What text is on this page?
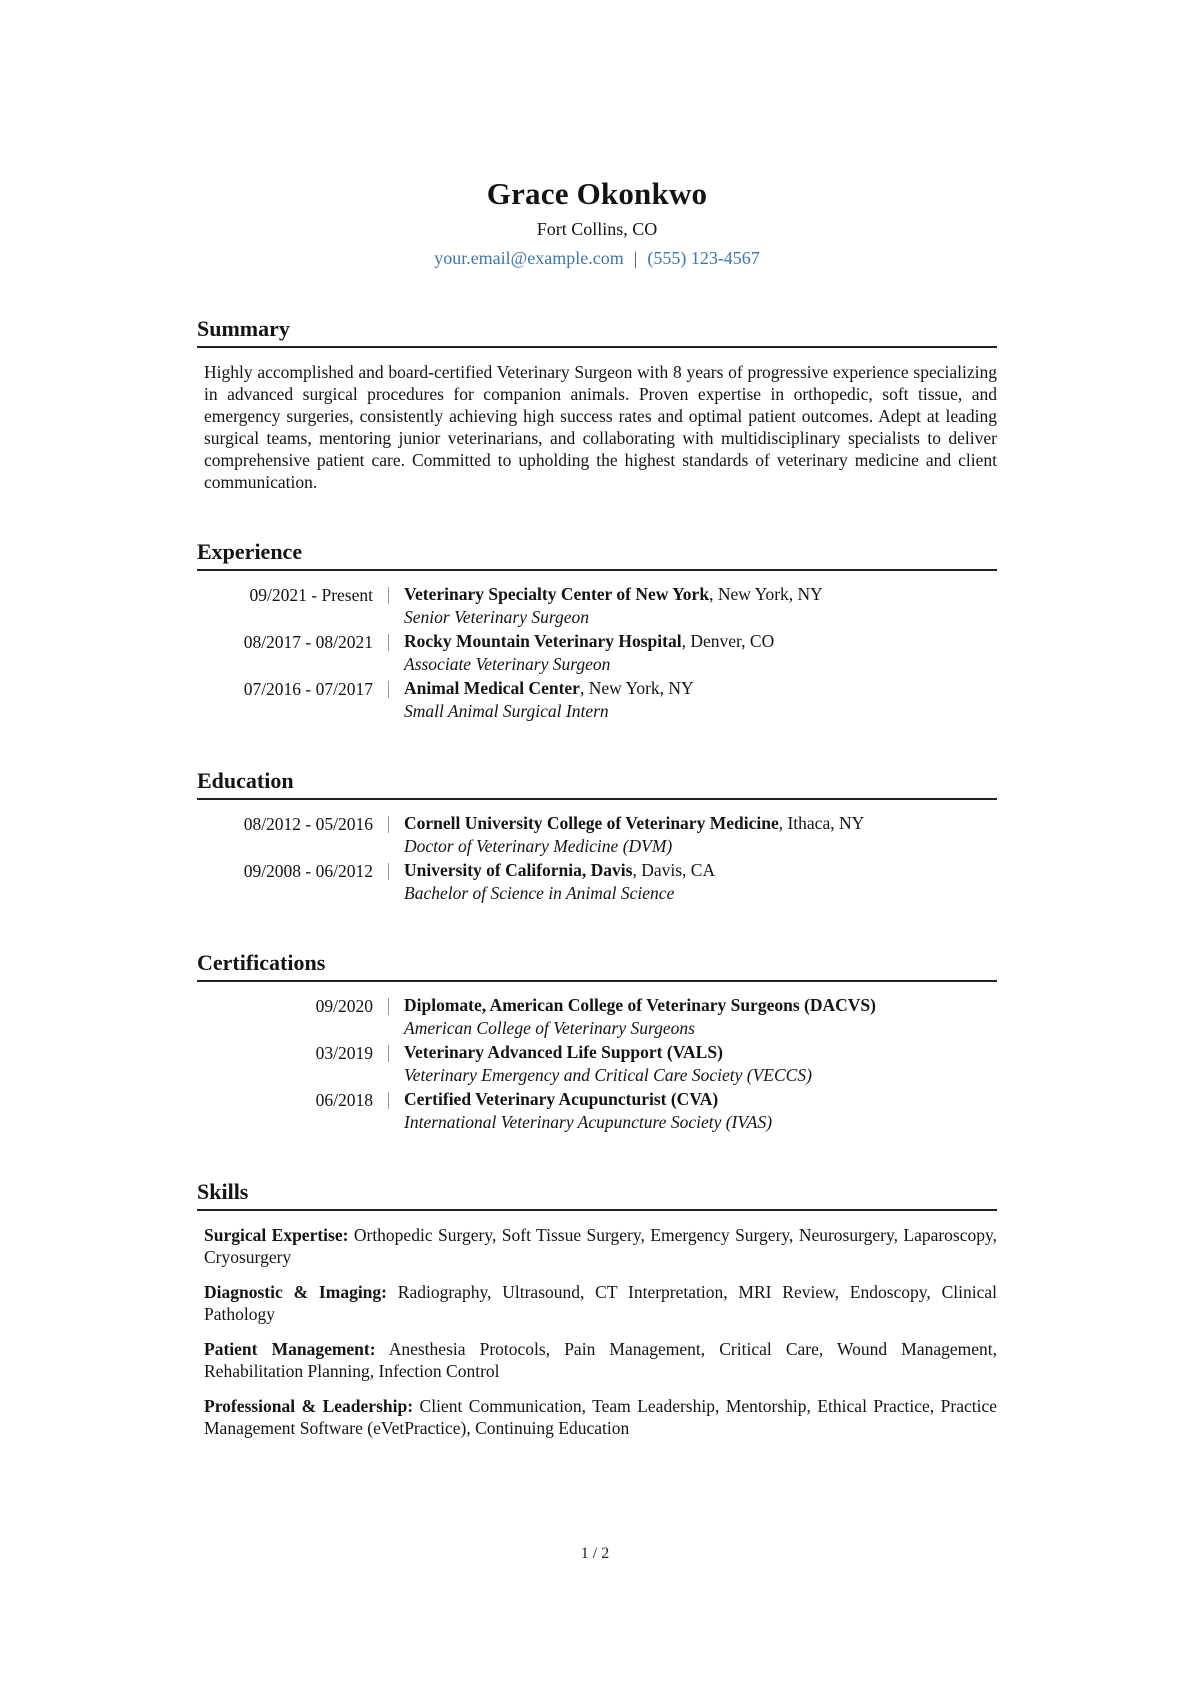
Grace Okonkwo
Fort Collins, CO
your.email@example.com | (555) 123-4567
Summary

Highly accomplished and board-certified Veterinary Surgeon with 8 years of progressive experience specializing in advanced surgical procedures for companion animals. Proven expertise in orthopedic, soft tissue, and emergency surgeries, consistently achieving high success rates and optimal patient outcomes. Adept at leading surgical teams, mentoring junior veterinarians, and collaborating with multidisciplinary specialists to deliver comprehensive patient care. Committed to upholding the highest standards of veterinary medicine and client communication.

Experience
09/2021 - Present Veterinary Specialty Center of New York, New York, NY
Senior Veterinary Surgeon
08/2017 - 08/2021 Rocky Mountain Veterinary Hospital, Denver, CO
Associate Veterinary Surgeon
07/2016 - 07/2017 Animal Medical Center, New York, NY
Small Animal Surgical Intern
Education
08/2012 - 05/2016 Cornell University College of Veterinary Medicine, Ithaca, NY
Doctor of Veterinary Medicine (DVM)
09/2008 - 06/2012 University of California, Davis, Davis, CA
Bachelor of Science in Animal Science
Certifications
09/2020 Diplomate, American College of Veterinary Surgeons (DACVS)
American College of Veterinary Surgeons
03/2019 Veterinary Advanced Life Support (VALS)
Veterinary Emergency and Critical Care Society (VECCS)
06/2018 Certified Veterinary Acupuncturist (CVA)
International Veterinary Acupuncture Society (IVAS)
Skills

Surgical Expertise: Orthopedic Surgery, Soft Tissue Surgery, Emergency Surgery, Neurosurgery, Laparoscopy, Cryosurgery

Diagnostic & Imaging: Radiography, Ultrasound, CT Interpretation, MRI Review, Endoscopy, Clinical Pathology

Patient Management: Anesthesia Protocols, Pain Management, Critical Care, Wound Management, Rehabilitation Planning, Infection Control

Professional & Leadership: Client Communication, Team Leadership, Mentorship, Ethical Practice, Practice Management Software (eVetPractice), Continuing Education

1 / 2
